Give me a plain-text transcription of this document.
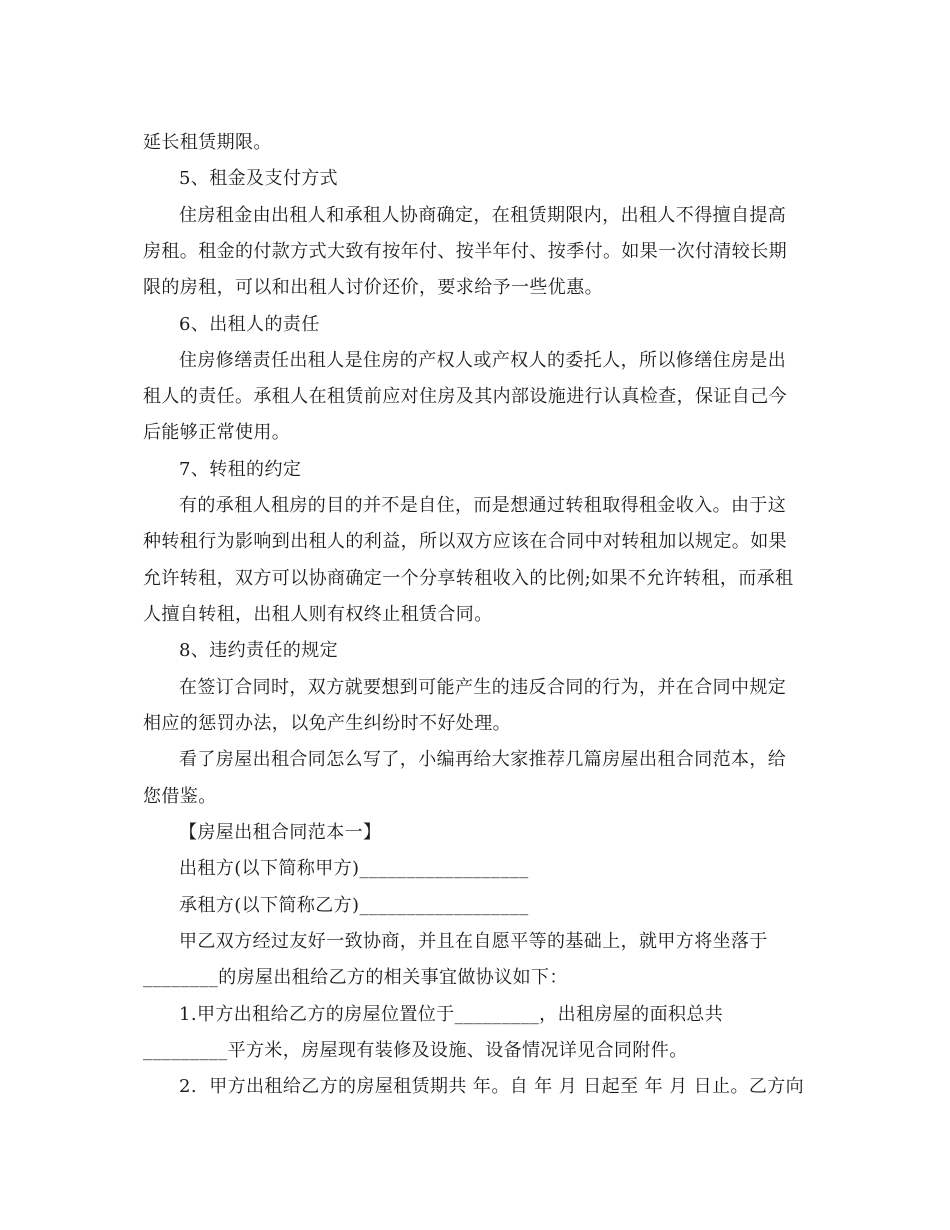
延长租赁期限。
5、租金及支付方式
住房租金由出租人和承租人协商确定，在租赁期限内，出租人不得擅自提高
房租。租金的付款方式大致有按年付、按半年付、按季付。如果一次付清较长期
限的房租，可以和出租人讨价还价，要求给予一些优惠。
6、出租人的责任
住房修缮责任出租人是住房的产权人或产权人的委托人，所以修缮住房是出
租人的责任。承租人在租赁前应对住房及其内部设施进行认真检查，保证自己今
后能够正常使用。
7、转租的约定
有的承租人租房的目的并不是自住，而是想通过转租取得租金收入。由于这
种转租行为影响到出租人的利益，所以双方应该在合同中对转租加以规定。如果
允许转租，双方可以协商确定一个分享转租收入的比例;如果不允许转租，而承租
人擅自转租，出租人则有权终止租赁合同。
8、违约责任的规定
在签订合同时，双方就要想到可能产生的违反合同的行为，并在合同中规定
相应的惩罚办法，以免产生纠纷时不好处理。
看了房屋出租合同怎么写了，小编再给大家推荐几篇房屋出租合同范本，给
您借鉴。
【房屋出租合同范本一】
出租方(以下简称甲方)__________________
承租方(以下简称乙方)__________________
甲乙双方经过友好一致协商，并且在自愿平等的基础上，就甲方将坐落于
________的房屋出租给乙方的相关事宜做协议如下：
1.甲方出租给乙方的房屋位置位于_________，出租房屋的面积总共
_________平方米，房屋现有装修及设施、设备情况详见合同附件。
2.  甲方出租给乙方的房屋租赁期共 年。自 年 月 日起至 年 月 日止。乙方向
